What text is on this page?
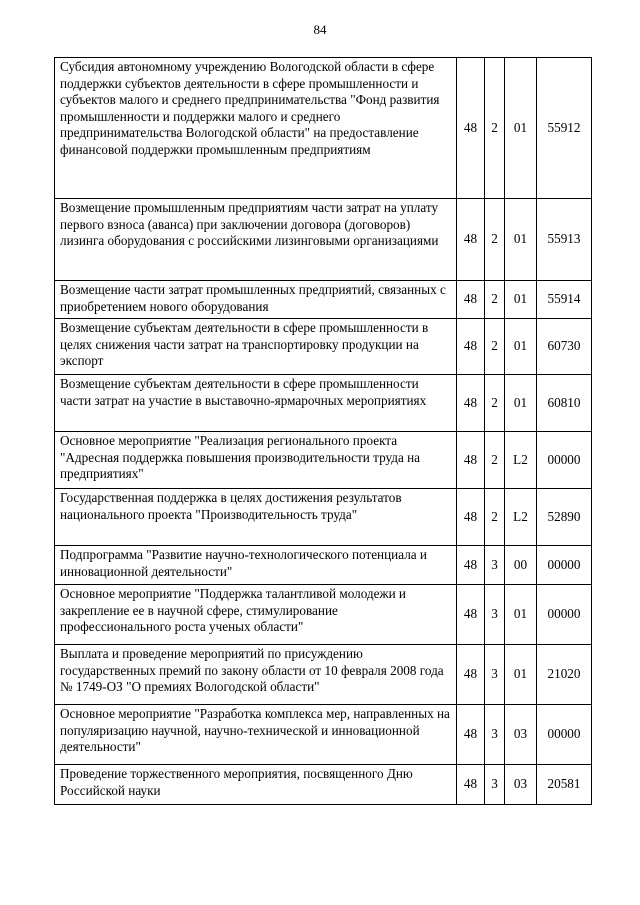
84
Субсидия автономному учреждению Вологодской области в сфере поддержки субъектов деятельности в сфере промышленности и субъектов малого и среднего предпринимательства "Фонд развития промышленности и поддержки малого и среднего предпринимательства Вологодской области" на предоставление финансовой поддержки промышленным предприятиям	48	2	01	55912

Возмещение промышленным предприятиям части затрат на уплату первого взноса (аванса) при заключении договора (договоров) лизинга оборудования с российскими лизинговыми организациями	48	2	01	55913

Возмещение части затрат промышленных предприятий, связанных с приобретением нового оборудования	48	2	01	55914

Возмещение субъектам деятельности в сфере промышленности в целях снижения части затрат на транспортировку продукции на экспорт	48	2	01	60730

Возмещение субъектам деятельности в сфере промышленности части затрат на участие в выставочно-ярмарочных мероприятиях	48	2	01	60810

Основное мероприятие "Реализация регионального проекта "Адресная поддержка повышения производительности труда на предприятиях"	48	2	L2	00000

Государственная поддержка в целях достижения результатов национального проекта "Производительность труда"	48	2	L2	52890

Подпрограмма "Развитие научно-технологического потенциала и инновационной деятельности"	48	3	00	00000

Основное мероприятие "Поддержка талантливой молодежи и закрепление ее в научной сфере, стимулирование профессионального роста ученых области"	48	3	01	00000

Выплата и проведение мероприятий по присуждению государственных премий по закону области от 10 февраля 2008 года № 1749-ОЗ "О премиях Вологодской области"	48	3	01	21020

Основное мероприятие "Разработка комплекса мер, направленных на популяризацию научной, научно-технической и инновационной деятельности"	48	3	03	00000

Проведение торжественного мероприятия, посвященного Дню Российской науки	48	3	03	20581
